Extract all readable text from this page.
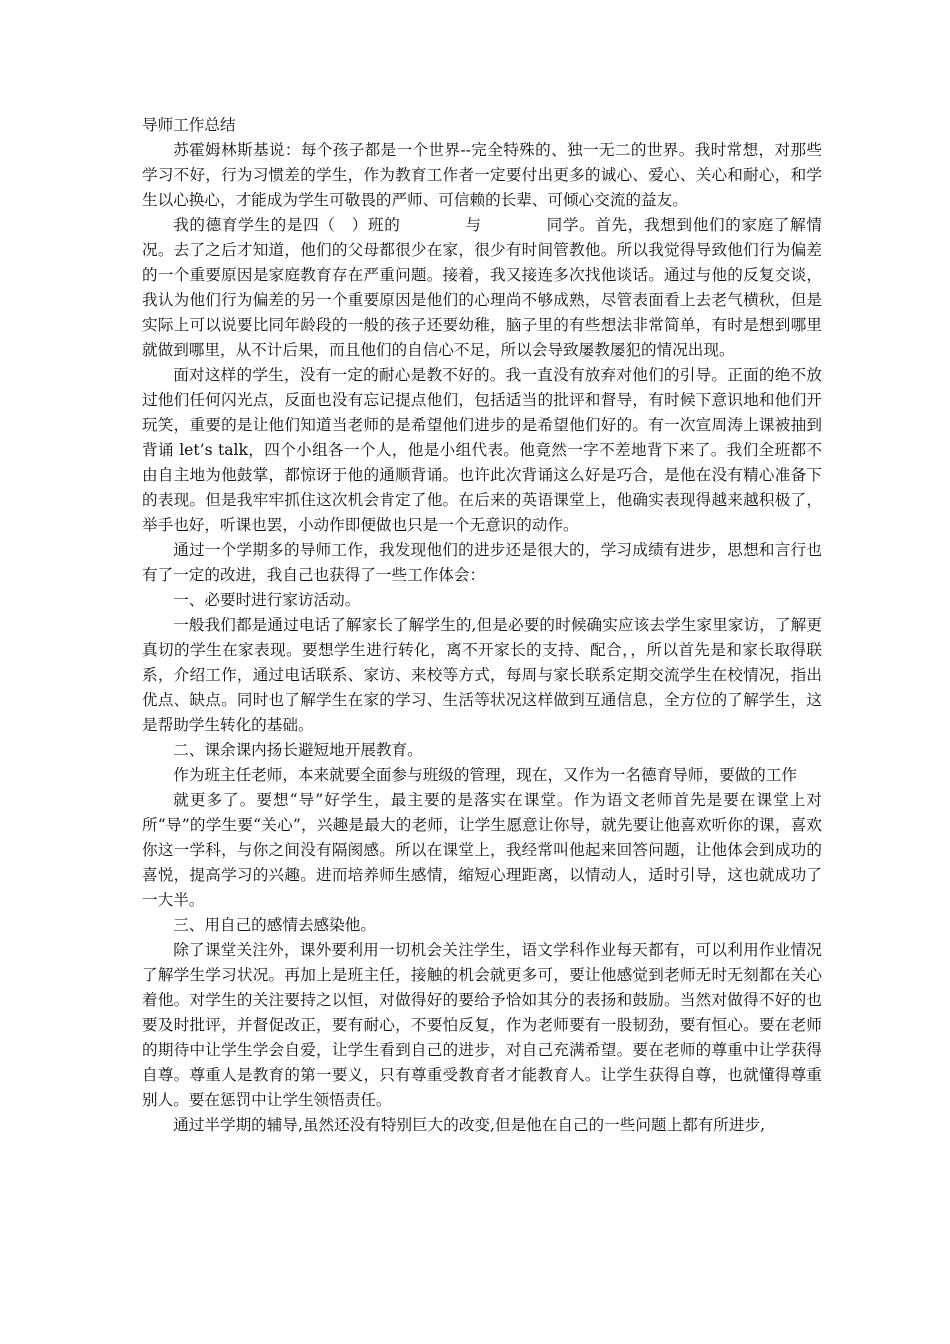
导师工作总结

苏霍姆林斯基说：每个孩子都是一个世界--完全特殊的、独一无二的世界。我时常想，对那些学习不好，行为习惯差的学生，作为教育工作者一定要付出更多的诚心、爱心、关心和耐心，和学生以心换心，才能成为学生可敬畏的严师、可信赖的长辈、可倾心交流的益友。

我的德育学生的是四（　）班的　　　　与　　　　同学。首先，我想到他们的家庭了解情况。去了之后才知道，他们的父母都很少在家，很少有时间管教他。所以我觉得导致他们行为偏差的一个重要原因是家庭教育存在严重问题。接着，我又接连多次找他谈话。通过与他的反复交谈，我认为他们行为偏差的另一个重要原因是他们的心理尚不够成熟，尽管表面看上去老气横秋，但是实际上可以说要比同年龄段的一般的孩子还要幼稚，脑子里的有些想法非常简单，有时是想到哪里就做到哪里，从不计后果，而且他们的自信心不足，所以会导致屡教屡犯的情况出现。

面对这样的学生，没有一定的耐心是教不好的。我一直没有放弃对他们的引导。正面的绝不放过他们任何闪光点，反面也没有忘记提点他们，包括适当的批评和督导，有时候下意识地和他们开玩笑，重要的是让他们知道当老师的是希望他们进步的是希望他们好的。有一次宣周涛上课被抽到背诵 let’s talk，四个小组各一个人，他是小组代表。他竟然一字不差地背下来了。我们全班都不由自主地为他鼓掌，都惊讶于他的通顺背诵。也许此次背诵这么好是巧合，是他在没有精心准备下的表现。但是我牢牢抓住这次机会肯定了他。在后来的英语课堂上，他确实表现得越来越积极了，举手也好，听课也罢，小动作即便做也只是一个无意识的动作。

通过一个学期多的导师工作，我发现他们的进步还是很大的，学习成绩有进步，思想和言行也有了一定的改进，我自己也获得了一些工作体会：

一、必要时进行家访活动。

一般我们都是通过电话了解家长了解学生的,但是必要的时候确实应该去学生家里家访，了解更真切的学生在家表现。要想学生进行转化，离不开家长的支持、配合，，所以首先是和家长取得联系，介绍工作，通过电话联系、家访、来校等方式，每周与家长联系定期交流学生在校情况，指出优点、缺点。同时也了解学生在家的学习、生活等状况这样做到互通信息，全方位的了解学生，这是帮助学生转化的基础。

二、课余课内扬长避短地开展教育。

作为班主任老师，本来就要全面参与班级的管理，现在，又作为一名德育导师，要做的工作

就更多了。要想“导”好学生，最主要的是落实在课堂。作为语文老师首先是要在课堂上对所“导”的学生要“关心”，兴趣是最大的老师，让学生愿意让你导，就先要让他喜欢听你的课，喜欢你这一学科，与你之间没有隔阂感。所以在课堂上，我经常叫他起来回答问题，让他体会到成功的喜悦，提高学习的兴趣。进而培养师生感情，缩短心理距离，以情动人，适时引导，这也就成功了一大半。

三、用自己的感情去感染他。

除了课堂关注外，课外要利用一切机会关注学生，语文学科作业每天都有，可以利用作业情况了解学生学习状况。再加上是班主任，接触的机会就更多可，要让他感觉到老师无时无刻都在关心着他。对学生的关注要持之以恒，对做得好的要给予恰如其分的表扬和鼓励。当然对做得不好的也要及时批评，并督促改正，要有耐心，不要怕反复，作为老师要有一股韧劲，要有恒心。要在老师的期待中让学生学会自爱，让学生看到自己的进步，对自己充满希望。要在老师的尊重中让学获得自尊。尊重人是教育的第一要义，只有尊重受教育者才能教育人。让学生获得自尊，也就懂得尊重别人。要在惩罚中让学生领悟责任。

通过半学期的辅导,虽然还没有特别巨大的改变,但是他在自己的一些问题上都有所进步,
